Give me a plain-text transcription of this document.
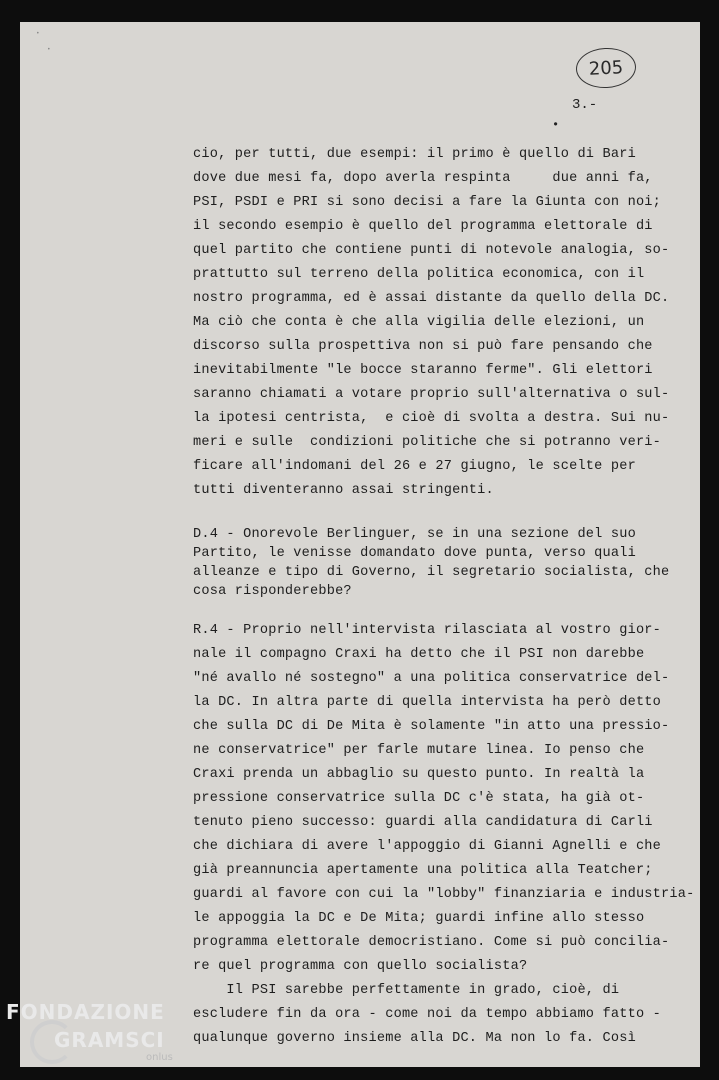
205
3.-
•
•
•
cio, per tutti, due esempi: il primo è quello di Bari
dove due mesi fa, dopo averla respinta     due anni fa,
PSI, PSDI e PRI si sono decisi a fare la Giunta con noi;
il secondo esempio è quello del programma elettorale di
quel partito che contiene punti di notevole analogia, so-
prattutto sul terreno della politica economica, con il
nostro programma, ed è assai distante da quello della DC.
Ma ciò che conta è che alla vigilia delle elezioni, un
discorso sulla prospettiva non si può fare pensando che
inevitabilmente "le bocce staranno ferme". Gli elettori
saranno chiamati a votare proprio sull'alternativa o sul-
la ipotesi centrista,  e cioè di svolta a destra. Sui nu-
meri e sulle  condizioni politiche che si potranno veri-
ficare all'indomani del 26 e 27 giugno, le scelte per
tutti diventeranno assai stringenti.
D.4 - Onorevole Berlinguer, se in una sezione del suo
Partito, le venisse domandato dove punta, verso quali
alleanze e tipo di Governo, il segretario socialista, che
cosa risponderebbe?
R.4 - Proprio nell'intervista rilasciata al vostro gior-
nale il compagno Craxi ha detto che il PSI non darebbe
"né avallo né sostegno" a una politica conservatrice del-
la DC. In altra parte di quella intervista ha però detto
che sulla DC di De Mita è solamente "in atto una pressio-
ne conservatrice" per farle mutare linea. Io penso che
Craxi prenda un abbaglio su questo punto. In realtà la
pressione conservatrice sulla DC c'è stata, ha già ot-
tenuto pieno successo: guardi alla candidatura di Carli
che dichiara di avere l'appoggio di Gianni Agnelli e che
già preannuncia apertamente una politica alla Teatcher;
guardi al favore con cui la "lobby" finanziaria e industria-
le appoggia la DC e De Mita; guardi infine allo stesso
programma elettorale democristiano. Come si può concilia-
re quel programma con quello socialista?
Il PSI sarebbe perfettamente in grado, cioè, di
escludere fin da ora - come noi da tempo abbiamo fatto -
qualunque governo insieme alla DC. Ma non lo fa. Così
FONDAZIONE
GRAMSCI
onlus
